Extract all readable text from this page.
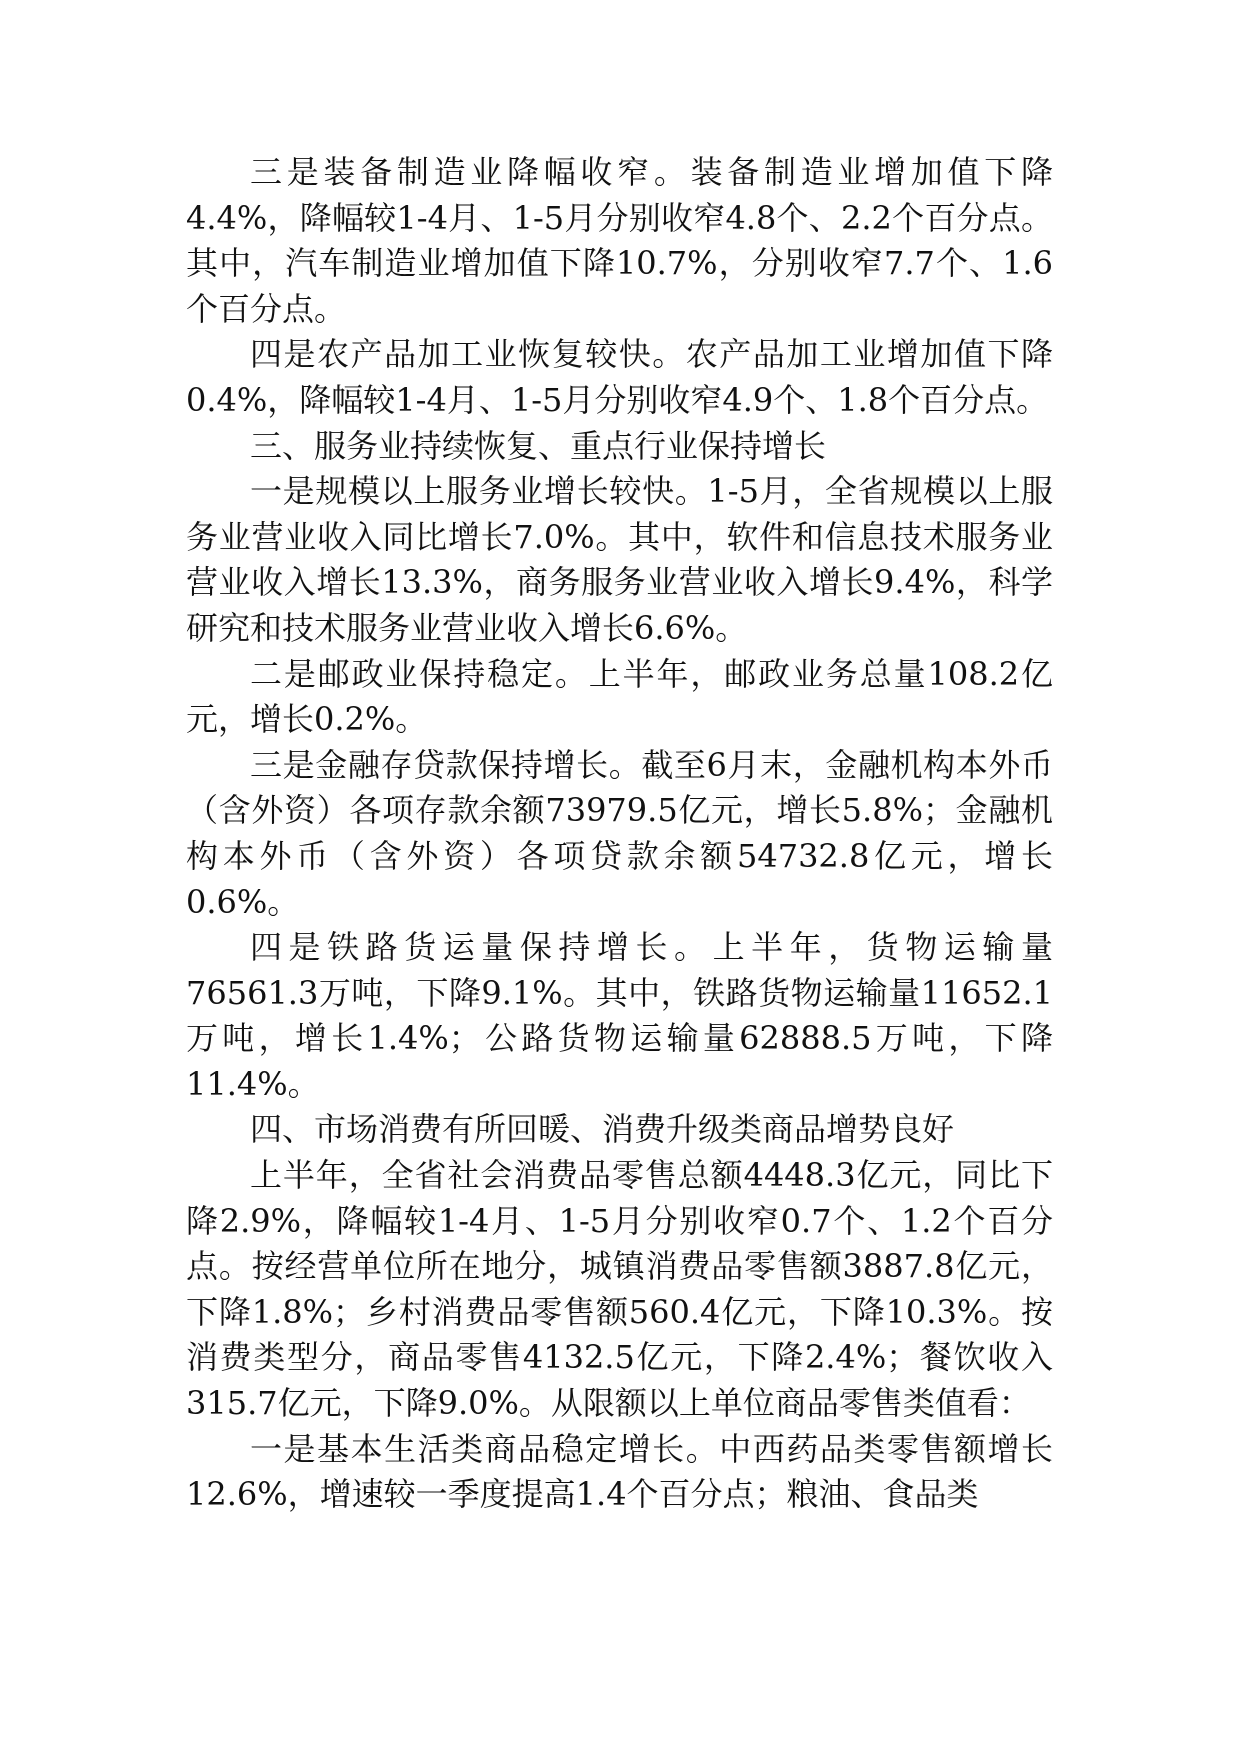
三是装备制造业降幅收窄。装备制造业增加值下降4.4%，降幅较1-4月、1-5月分别收窄4.8个、2.2个百分点。其中，汽车制造业增加值下降10.7%，分别收窄7.7个、1.6个百分点。

四是农产品加工业恢复较快。农产品加工业增加值下降0.4%，降幅较1-4月、1-5月分别收窄4.9个、1.8个百分点。

三、服务业持续恢复、重点行业保持增长

一是规模以上服务业增长较快。1-5月，全省规模以上服务业营业收入同比增长7.0%。其中，软件和信息技术服务业营业收入增长13.3%，商务服务业营业收入增长9.4%，科学研究和技术服务业营业收入增长6.6%。

二是邮政业保持稳定。上半年，邮政业务总量108.2亿元，增长0.2%。

三是金融存贷款保持增长。截至6月末，金融机构本外币（含外资）各项存款余额73979.5亿元，增长5.8%；金融机构本外币（含外资）各项贷款余额54732.8亿元，增长0.6%。

四是铁路货运量保持增长。上半年，货物运输量76561.3万吨，下降9.1%。其中，铁路货物运输量11652.1万吨，增长1.4%；公路货物运输量62888.5万吨，下降11.4%。

四、市场消费有所回暖、消费升级类商品增势良好

上半年，全省社会消费品零售总额4448.3亿元，同比下降2.9%，降幅较1-4月、1-5月分别收窄0.7个、1.2个百分点。按经营单位所在地分，城镇消费品零售额3887.8亿元，下降1.8%；乡村消费品零售额560.4亿元，下降10.3%。按消费类型分，商品零售4132.5亿元，下降2.4%；餐饮收入315.7亿元，下降9.0%。从限额以上单位商品零售类值看：

一是基本生活类商品稳定增长。中西药品类零售额增长12.6%，增速较一季度提高1.4个百分点；粮油、食品类
